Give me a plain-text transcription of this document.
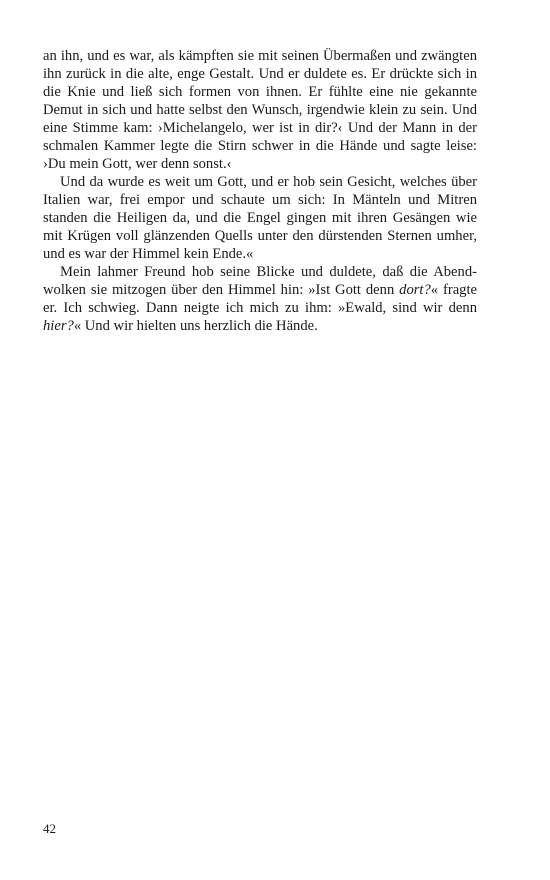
an ihn, und es war, als kämpften sie mit seinen Übermaßen und zwängten ihn zurück in die alte, enge Gestalt. Und er duldete es. Er drückte sich in die Knie und ließ sich formen von ihnen. Er fühlte eine nie gekannte Demut in sich und hatte selbst den Wunsch, irgendwie klein zu sein. Und eine Stimme kam: ›Michelangelo, wer ist in dir?‹ Und der Mann in der schmalen Kammer legte die Stirn schwer in die Hände und sagte leise: ›Du mein Gott, wer denn sonst.‹

Und da wurde es weit um Gott, und er hob sein Gesicht, welches über Italien war, frei empor und schaute um sich: In Mänteln und Mitren standen die Heiligen da, und die Engel gingen mit ihren Gesängen wie mit Krügen voll glänzenden Quells unter den dürstenden Sternen umher, und es war der Himmel kein Ende.«

Mein lahmer Freund hob seine Blicke und duldete, daß die Abendwolken sie mitzogen über den Himmel hin: »Ist Gott denn dort?« fragte er. Ich schwieg. Dann neigte ich mich zu ihm: »Ewald, sind wir denn hier?« Und wir hielten uns herzlich die Hände.

42
